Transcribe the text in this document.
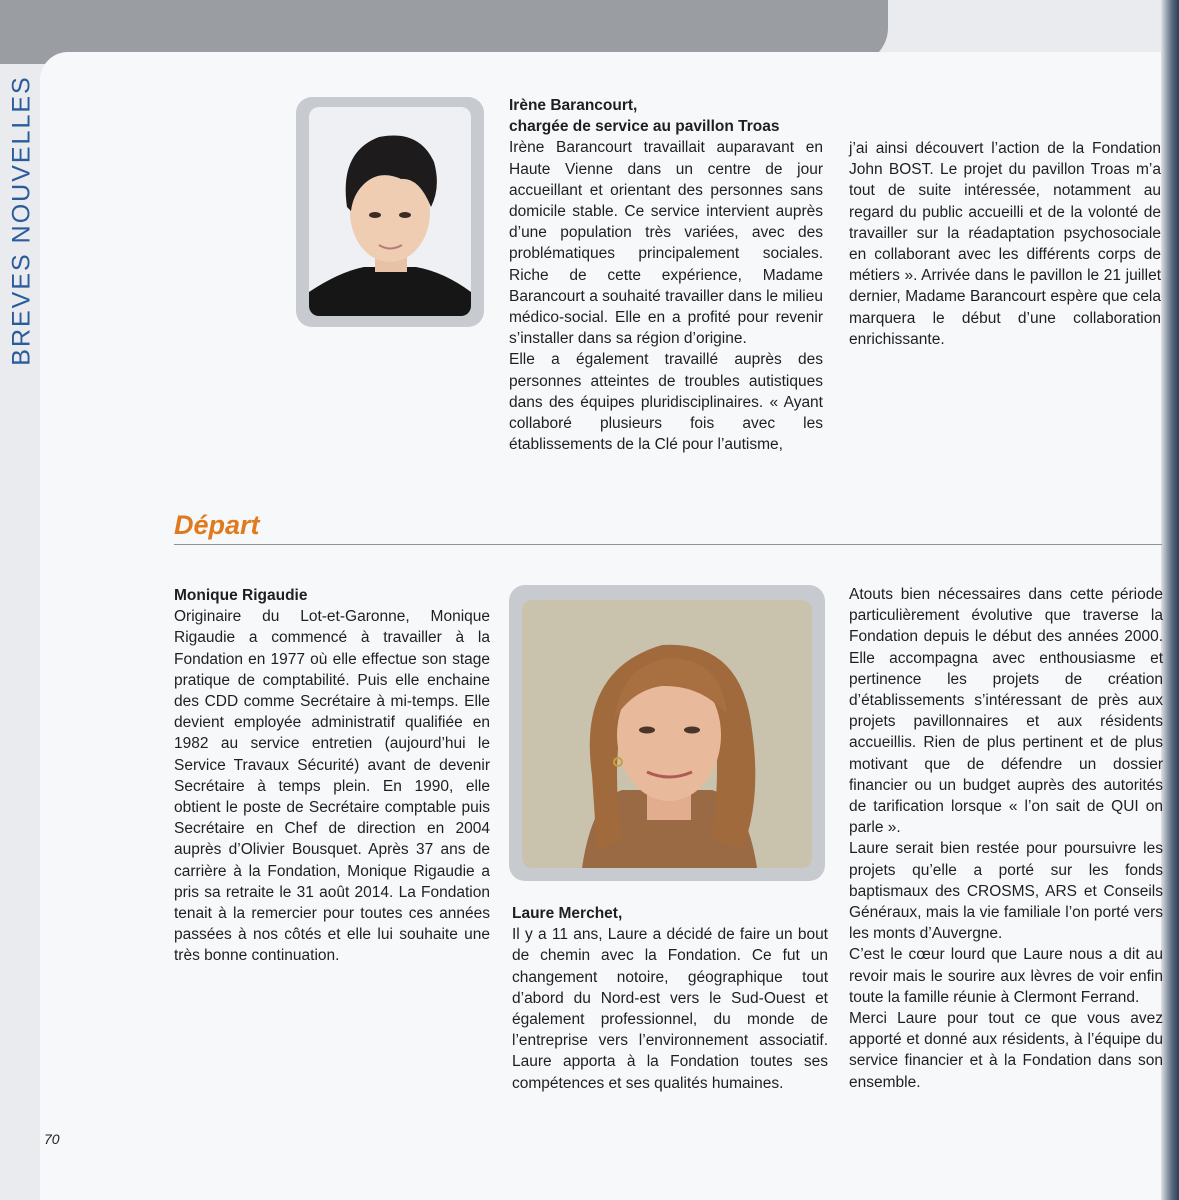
BREVES NOUVELLES	Irène Barancourt,

chargée de service au pavillon Troas

Irène Barancourt travaillait auparavant en Haute Vienne dans un centre de jour accueillant et orientant des personnes sans domicile stable. Ce service intervient auprès d’une population très variées, avec des problématiques principalement sociales. Riche de cette expérience, Madame Barancourt a souhaité travailler dans le milieu médico-social. Elle en a profité pour revenir s’installer dans sa région d’origine.

Elle a également travaillé auprès des personnes atteintes de troubles autistiques dans des équipes pluridisciplinaires. « Ayant collaboré plusieurs fois avec les établissements de la Clé pour l’autisme,

j’ai ainsi découvert l’action de la Fondation John BOST. Le projet du pavillon Troas m’a tout de suite intéressée, notamment au regard du public accueilli et de la volonté de travailler sur la réadaptation psychosociale en collaborant avec les différents corps de métiers ». Arrivée dans le pavillon le 21 juillet dernier, Madame Barancourt espère que cela marquera le début d’une collaboration enrichissante.

Départ

Monique Rigaudie

Originaire du Lot-et-Garonne, Monique Rigaudie a commencé à travailler à la Fondation en 1977 où elle effectue son stage pratique de comptabilité. Puis elle enchaine des CDD comme Secrétaire à mi-temps. Elle devient employée administratif qualifiée en 1982 au service entretien (aujourd’hui le Service Travaux Sécurité) avant de devenir Secrétaire à temps plein. En 1990, elle obtient le poste de Secrétaire comptable puis Secrétaire en Chef de direction en 2004 auprès d’Olivier Bousquet. Après 37 ans de carrière à la Fondation, Monique Rigaudie a pris sa retraite le 31 août 2014. La Fondation tenait à la remercier pour toutes ces années passées à nos côtés et elle lui souhaite une très bonne continuation.

Laure Merchet,

Il y a 11 ans, Laure a décidé de faire un bout de chemin avec la Fondation. Ce fut un changement notoire, géographique tout d’abord du Nord-est vers le Sud-Ouest et également professionnel, du monde de l’entreprise vers l’environnement associatif. Laure apporta à la Fondation toutes ses compétences et ses qualités humaines.

Atouts bien nécessaires dans cette période particulièrement évolutive que traverse la Fondation depuis le début des années 2000. Elle accompagna avec enthousiasme et pertinence les projets de création d’établissements s’intéressant de près aux projets pavillonnaires et aux résidents accueillis. Rien de plus pertinent et de plus motivant que de défendre un dossier financier ou un budget auprès des autorités de tarification lorsque « l’on sait de QUI on parle ».

Laure serait bien restée pour poursuivre les projets qu’elle a porté sur les fonds baptismaux des CROSMS, ARS et Conseils Généraux, mais la vie familiale l’on porté vers les monts d’Auvergne.

C’est le cœur lourd que Laure nous a dit au revoir mais le sourire aux lèvres de voir enfin toute la famille réunie à Clermont Ferrand.

Merci Laure pour tout ce que vous avez apporté et donné aux résidents, à l’équipe du service financier et à la Fondation dans son ensemble.

70
